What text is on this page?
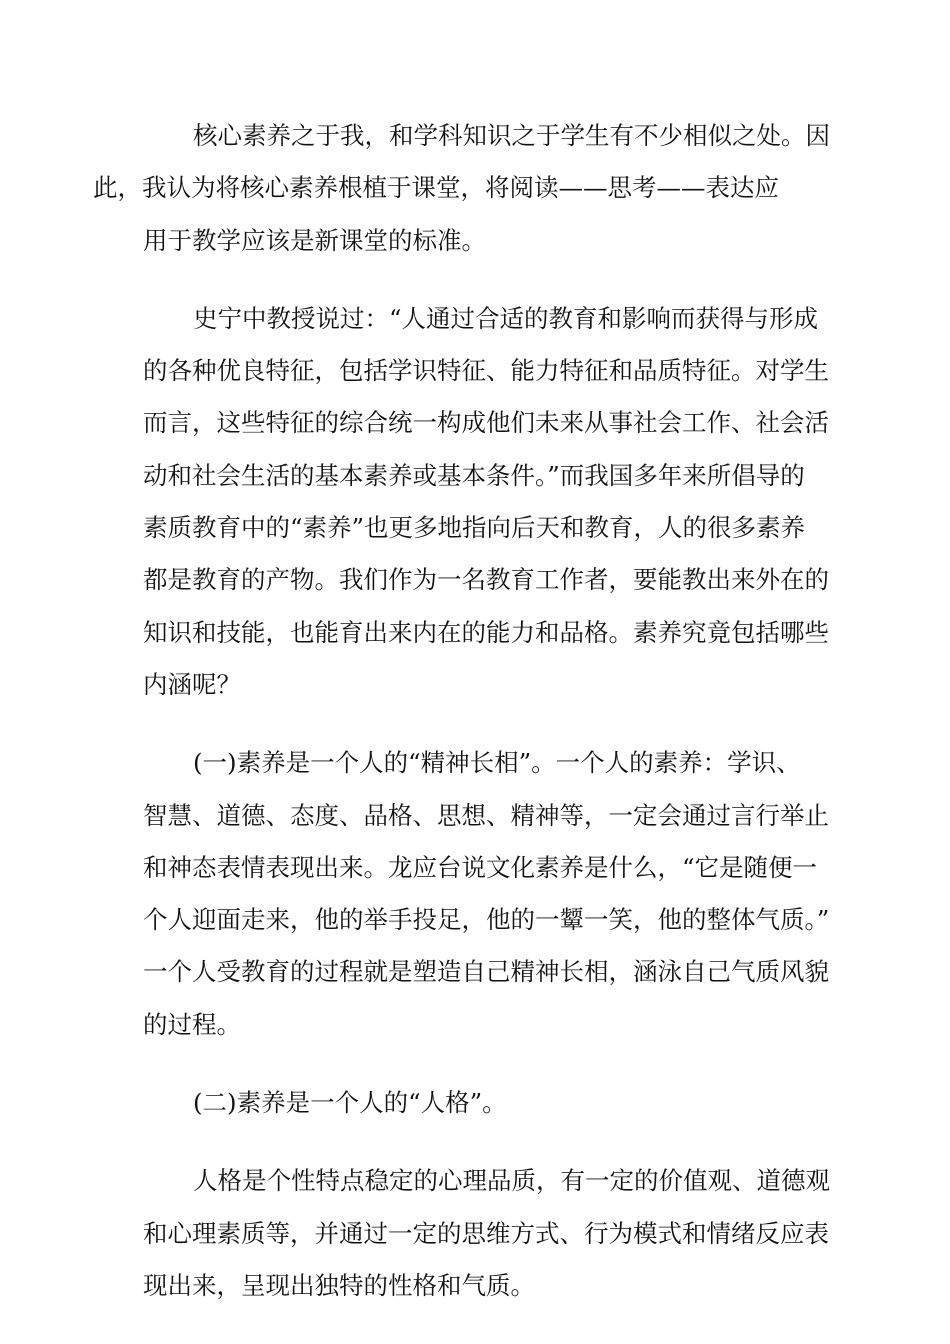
核心素养之于我，和学科知识之于学生有不少相似之处。因
此，我认为将核心素养根植于课堂，将阅读——思考——表达应
用于教学应该是新课堂的标准。

史宁中教授说过：“人通过合适的教育和影响而获得与形成
的各种优良特征，包括学识特征、能力特征和品质特征。对学生
而言，这些特征的综合统一构成他们未来从事社会工作、社会活
动和社会生活的基本素养或基本条件。”而我国多年来所倡导的
素质教育中的“素养”也更多地指向后天和教育，人的很多素养
都是教育的产物。我们作为一名教育工作者，要能教出来外在的
知识和技能，也能育出来内在的能力和品格。素养究竟包括哪些
内涵呢？

(一)素养是一个人的“精神长相”。一个人的素养：学识、
智慧、道德、态度、品格、思想、精神等，一定会通过言行举止
和神态表情表现出来。龙应台说文化素养是什么，“它是随便一
个人迎面走来，他的举手投足，他的一颦一笑，他的整体气质。”
一个人受教育的过程就是塑造自己精神长相，涵泳自己气质风貌
的过程。

(二)素养是一个人的“人格”。

人格是个性特点稳定的心理品质，有一定的价值观、道德观
和心理素质等，并通过一定的思维方式、行为模式和情绪反应表
现出来，呈现出独特的性格和气质。
